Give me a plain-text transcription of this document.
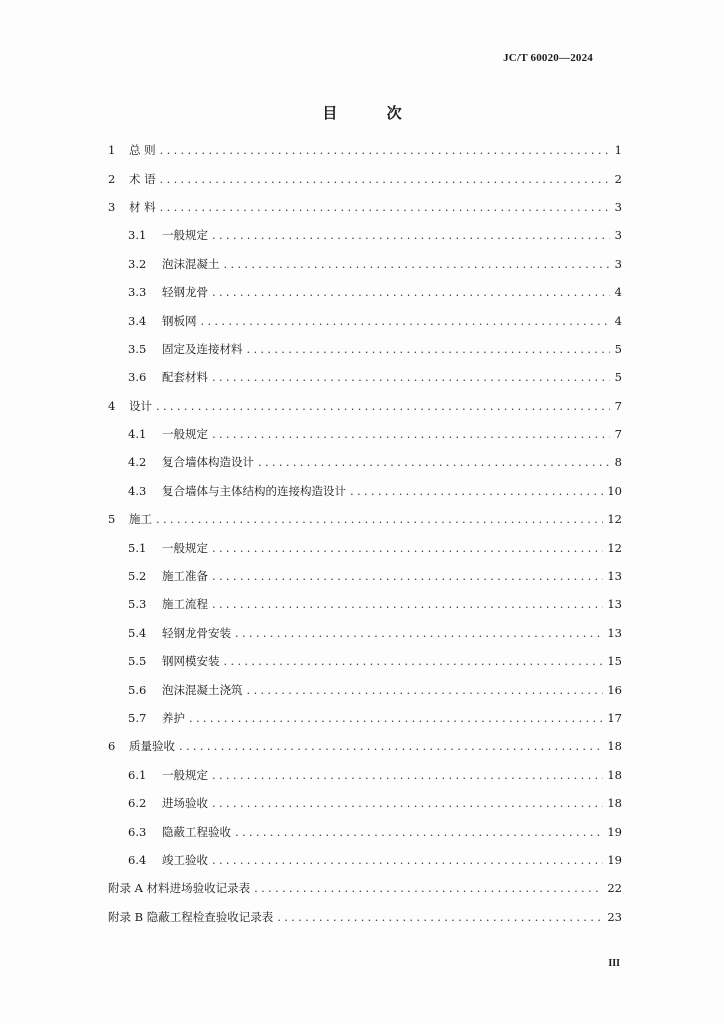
JC/T 60020—2024
目 次
1	总 则 .....	1
2	术 语 .....	2
3	材 料 .....	3
3.1	一般规定 .....	3
3.2	泡沫混凝土 .....	3
3.3	轻钢龙骨 .....	4
3.4	钢板网 .....	4
3.5	固定及连接材料 .....	5
3.6	配套材料 .....	5
4	设计 .....	7
4.1	一般规定 .....	7
4.2	复合墙体构造设计 .....	8
4.3	复合墙体与主体结构的连接构造设计 .....	10
5	施工 .....	12
5.1	一般规定 .....	12
5.2	施工准备 .....	13
5.3	施工流程 .....	13
5.4	轻钢龙骨安装 .....	13
5.5	钢网模安装 .....	15
5.6	泡沫混凝土浇筑 .....	16
5.7	养护 .....	17
6	质量验收 .....	18
6.1	一般规定 .....	18
6.2	进场验收 .....	18
6.3	隐蔽工程验收 .....	19
6.4	竣工验收 .....	19
附录 A 材料进场验收记录表 .....	22
附录 B 隐蔽工程检查验收记录表 .....	23
III
